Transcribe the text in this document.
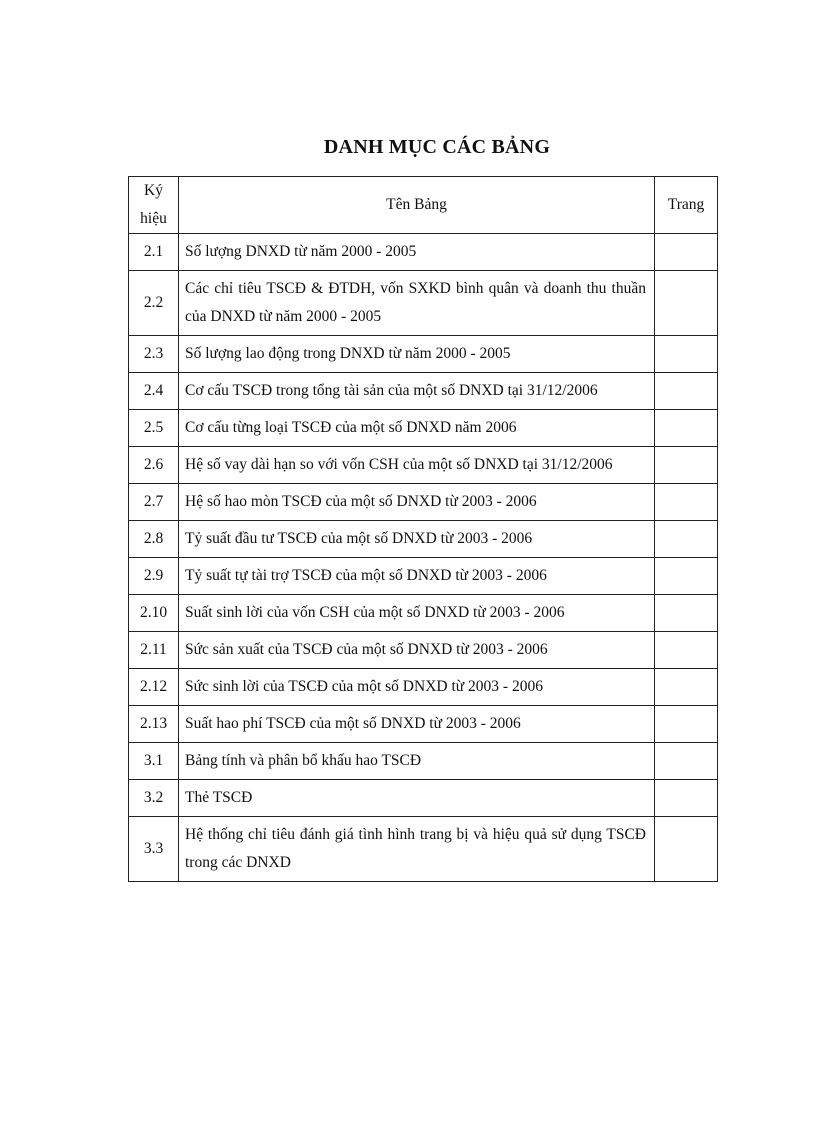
DANH MỤC CÁC BẢNG
Ký
hiệu	Tên Bảng	Trang
2.1	Số lượng DNXD từ năm 2000 - 2005	
2.2	Các chỉ tiêu TSCĐ & ĐTDH, vốn SXKD bình quân và doanh thu thuần của DNXD từ năm 2000 - 2005	
2.3	Số lượng lao động trong DNXD từ năm 2000 - 2005	
2.4	Cơ cấu TSCĐ trong tổng tài sản của một số DNXD tại 31/12/2006	
2.5	Cơ cấu từng loại TSCĐ của một số DNXD năm 2006	
2.6	Hệ số vay dài hạn so với vốn CSH của một số DNXD tại 31/12/2006	
2.7	Hệ số hao mòn TSCĐ của một số DNXD từ 2003 - 2006	
2.8	Tỷ suất đầu tư TSCĐ của một số DNXD từ 2003 - 2006	
2.9	Tỷ suất tự tài trợ TSCĐ của một số DNXD từ 2003 - 2006	
2.10	Suất sinh lời của vốn CSH của một số DNXD từ 2003 - 2006	
2.11	Sức sản xuất của TSCĐ của một số DNXD từ 2003 - 2006	
2.12	Sức sinh lời của TSCĐ của một số DNXD từ 2003 - 2006	
2.13	Suất hao phí TSCĐ của một số DNXD từ 2003 - 2006	
3.1	Bảng tính và phân bổ khấu hao TSCĐ	
3.2	Thẻ TSCĐ	
3.3	Hệ thống chỉ tiêu đánh giá tình hình trang bị và hiệu quả sử dụng TSCĐ trong các DNXD	
